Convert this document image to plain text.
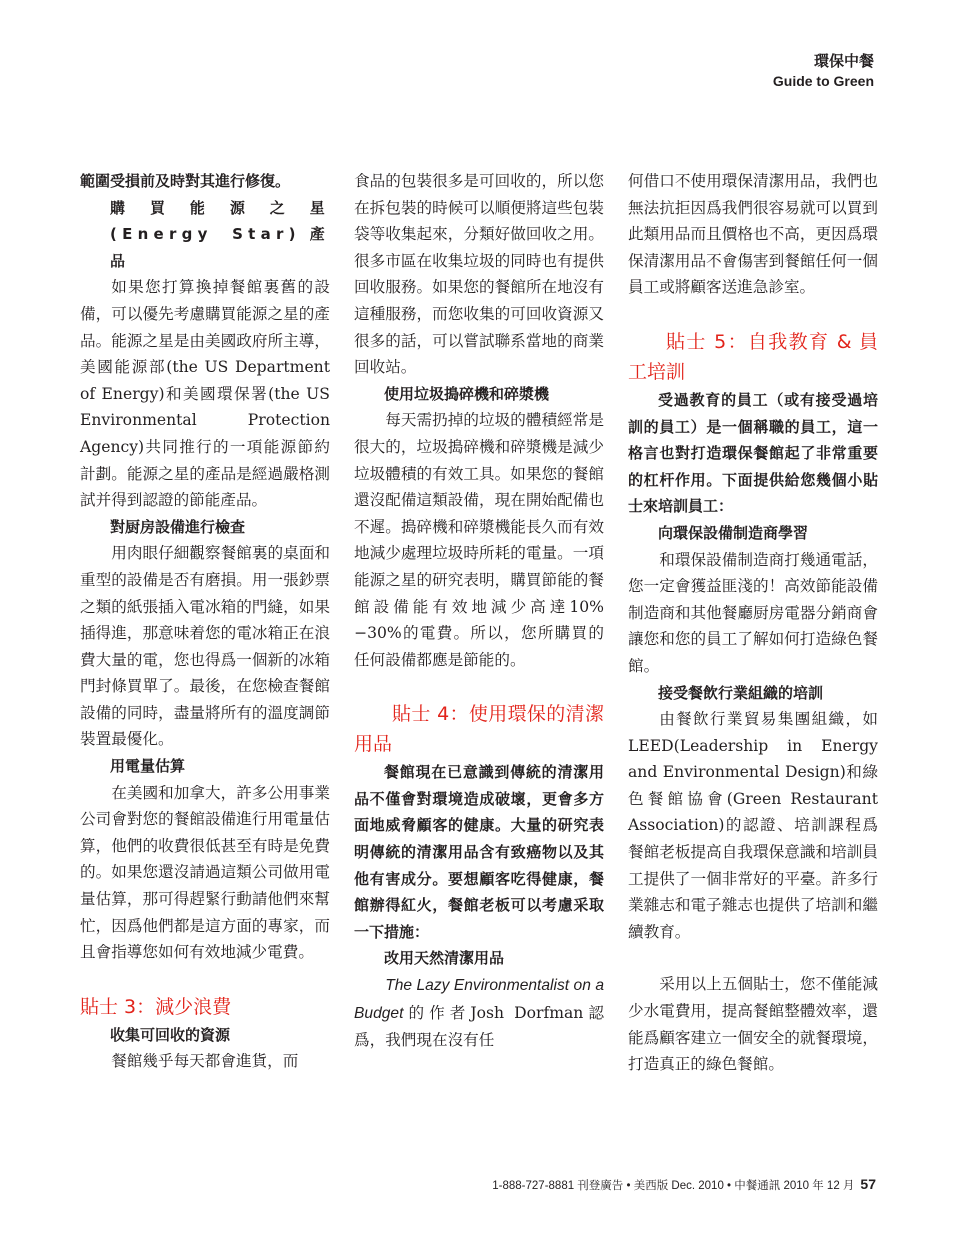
環保中餐
Guide to Green

範圍受損前及時對其進行修復。

購買能源之星(Energy Star)產品

如果您打算換掉餐館裏舊的設備，可以優先考慮購買能源之星的產品。能源之星是由美國政府所主導，美國能源部(the US Department of Energy)和美國環保署(the US Environmental Protection Agency)共同推行的一項能源節約計劃。能源之星的產品是經過嚴格測試并得到認證的節能產品。

對厨房設備進行檢查

用肉眼仔細觀察餐館裏的桌面和重型的設備是否有磨損。用一張鈔票之類的紙張插入電冰箱的門縫，如果插得進，那意味着您的電冰箱正在浪費大量的電，您也得爲一個新的冰箱門封條買單了。最後，在您檢查餐館設備的同時，盡量將所有的溫度調節裝置最優化。

用電量估算

在美國和加拿大，許多公用事業公司會對您的餐館設備進行用電量估算，他們的收費很低甚至有時是免費的。如果您還沒請過這類公司做用電量估算，那可得趕緊行動請他們來幫忙，因爲他們都是這方面的專家，而且會指導您如何有效地減少電費。

貼士 3：減少浪費

收集可回收的資源

餐館幾乎每天都會進貨，而

食品的包裝很多是可回收的，所以您在拆包裝的時候可以順便將這些包裝袋等收集起來，分類好做回收之用。很多市區在收集垃圾的同時也有提供回收服務。如果您的餐館所在地沒有這種服務，而您收集的可回收資源又很多的話，可以嘗試聯系當地的商業回收站。

使用垃圾搗碎機和碎漿機

每天需扔掉的垃圾的體積經常是很大的，垃圾搗碎機和碎漿機是減少垃圾體積的有效工具。如果您的餐館還沒配備這類設備，現在開始配備也不遲。搗碎機和碎漿機能長久而有效地減少處理垃圾時所耗的電量。一項能源之星的研究表明，購買節能的餐館設備能有效地減少高達10%−30%的電費。所以，您所購買的任何設備都應是節能的。

貼士 4：使用環保的清潔用品

餐館現在已意識到傳統的清潔用品不僅會對環境造成破壞，更會多方面地威脅顧客的健康。大量的研究表明傳統的清潔用品含有致癌物以及其他有害成分。要想顧客吃得健康，餐館辦得紅火，餐館老板可以考慮采取一下措施：

改用天然清潔用品

The Lazy Environmentalist on a Budget的作者Josh Dorfman認爲，我們現在沒有任

何借口不使用環保清潔用品，我們也無法抗拒因爲我們很容易就可以買到此類用品而且價格也不高，更因爲環保清潔用品不會傷害到餐館任何一個員工或將顧客送進急診室。

貼士 5：自我教育 & 員工培訓

受過教育的員工（或有接受過培訓的員工）是一個稱職的員工，這一格言也對打造環保餐館起了非常重要的杠杆作用。下面提供給您幾個小貼士來培訓員工：

向環保設備制造商學習

和環保設備制造商打幾通電話，您一定會獲益匪淺的！高效節能設備制造商和其他餐廳厨房電器分銷商會讓您和您的員工了解如何打造綠色餐館。

接受餐飲行業組織的培訓

由餐飲行業貿易集團組織，如LEED(Leadership in Energy and Environmental Design)和綠色餐館協會(Green Restaurant Association)的認證、培訓課程爲餐館老板提高自我環保意識和培訓員工提供了一個非常好的平臺。許多行業雜志和電子雜志也提供了培訓和繼續教育。

采用以上五個貼士，您不僅能減少水電費用，提高餐館整體效率，還能爲顧客建立一個安全的就餐環境，打造真正的綠色餐館。

1-888-727-8881 刊登廣告 • 美西版 Dec. 2010 • 中餐通訊 2010 年 12 月 57
